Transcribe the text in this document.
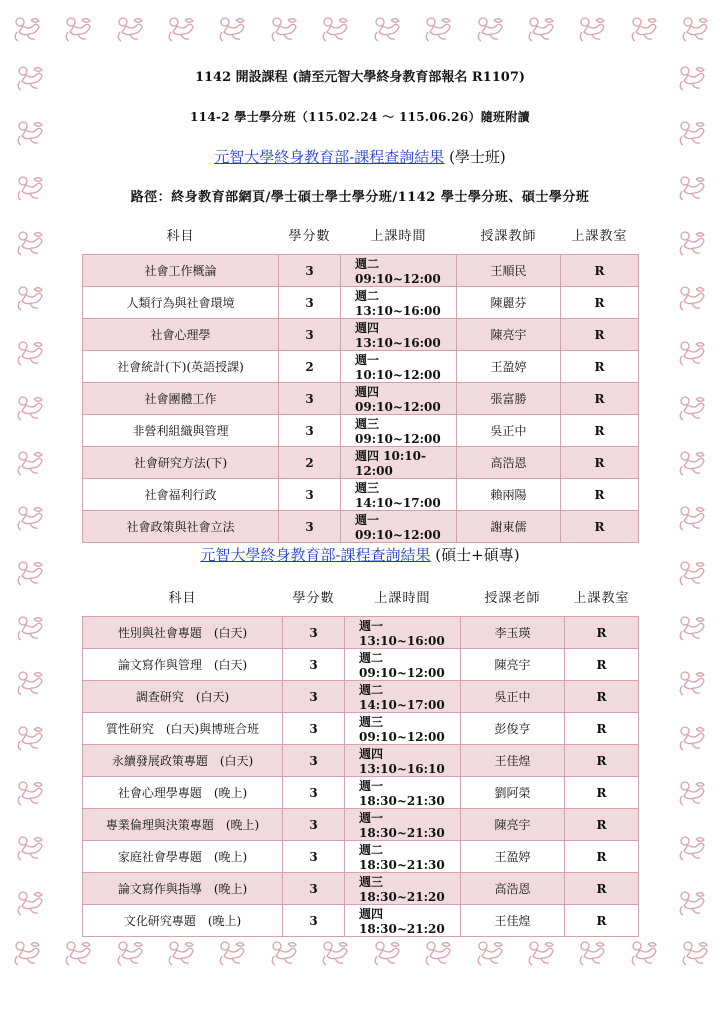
1142 開設課程 (請至元智大學終身教育部報名 R1107)
114-2 學士學分班（115.02.24 ～ 115.06.26）隨班附讀
元智大學終身教育部-課程查詢結果 (學士班)
路徑：終身教育部網頁/學士碩士學士學分班/1142 學士學分班、碩士學分班
科目	學分數	上課時間	授課教師	上課教室
社會工作概論	3	週二 09:10~12:00	王順民	R
人類行為與社會環境	3	週二 13:10~16:00	陳麗芬	R
社會心理學	3	週四 13:10~16:00	陳亮宇	R
社會統計(下)(英語授課)	2	週一 10:10~12:00	王盈婷	R
社會團體工作	3	週四 09:10~12:00	張富勝	R
非營利組織與管理	3	週三 09:10~12:00	吳正中	R
社會研究方法(下)	2	週四 10:10-12:00	高浩恩	R
社會福利行政	3	週三 14:10~17:00	賴兩陽	R
社會政策與社會立法	3	週一 09:10~12:00	謝東儒	R
元智大學終身教育部-課程查詢結果 (碩士+碩專)
科目	學分數	上課時間	授課老師	上課教室
性別與社會專題　(白天)	3	週一 13:10~16:00	李玉瑛	R
論文寫作與管理　(白天)	3	週二 09:10~12:00	陳亮宇	R
調查研究　(白天)	3	週二 14:10~17:00	吳正中	R
質性研究　(白天)與博班合班	3	週三 09:10~12:00	彭俊亨	R
永續發展政策專題　(白天)	3	週四 13:10~16:10	王佳煌	R
社會心理學專題　(晚上)	3	週一 18:30~21:30	劉阿榮	R
專業倫理與決策專題　(晚上)	3	週一 18:30~21:30	陳亮宇	R
家庭社會學專題　(晚上)	3	週二 18:30~21:30	王盈婷	R
論文寫作與指導　(晚上)	3	週三 18:30~21:20	高浩恩	R
文化研究專題　(晚上)	3	週四 18:30~21:20	王佳煌	R
